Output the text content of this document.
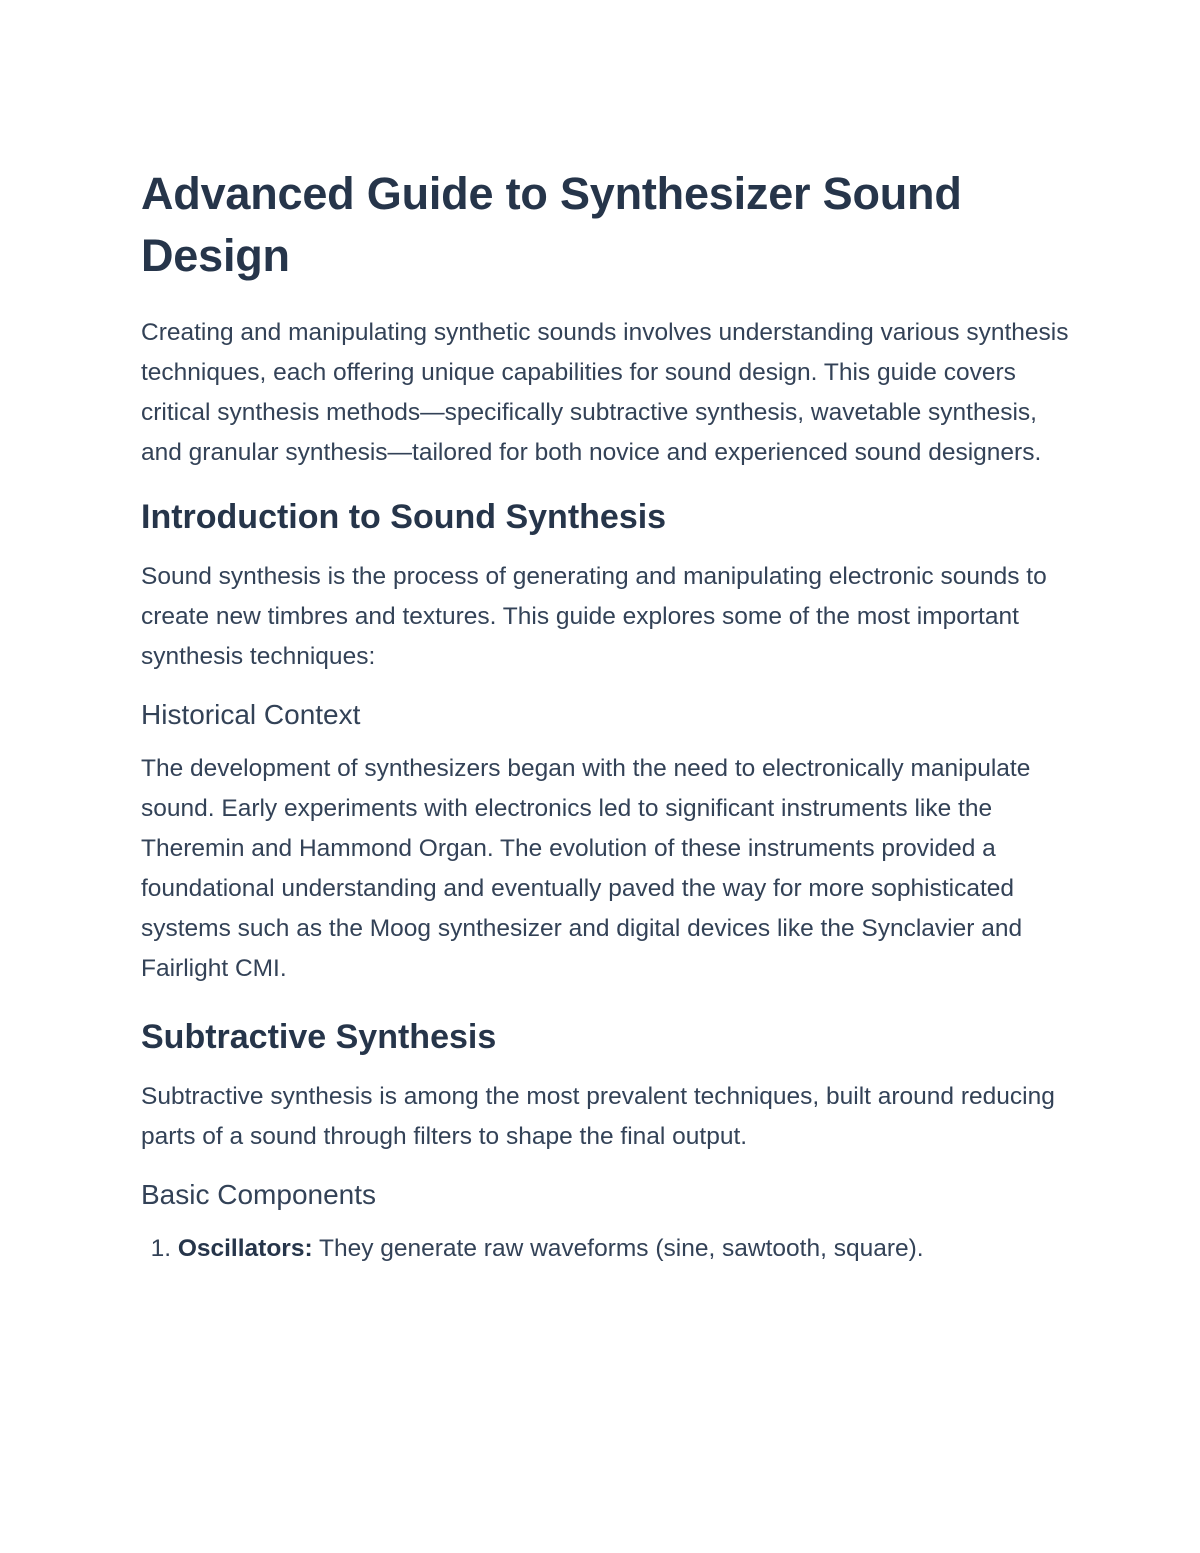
Advanced Guide to Synthesizer Sound Design

Creating and manipulating synthetic sounds involves understanding various synthesis techniques, each offering unique capabilities for sound design. This guide covers critical synthesis methods—specifically subtractive synthesis, wavetable synthesis, and granular synthesis—tailored for both novice and experienced sound designers.

Introduction to Sound Synthesis

Sound synthesis is the process of generating and manipulating electronic sounds to create new timbres and textures. This guide explores some of the most important synthesis techniques:

Historical Context

The development of synthesizers began with the need to electronically manipulate sound. Early experiments with electronics led to significant instruments like the Theremin and Hammond Organ. The evolution of these instruments provided a foundational understanding and eventually paved the way for more sophisticated systems such as the Moog synthesizer and digital devices like the Synclavier and Fairlight CMI.

Subtractive Synthesis

Subtractive synthesis is among the most prevalent techniques, built around reducing parts of a sound through filters to shape the final output.

Basic Components
1. Oscillators: They generate raw waveforms (sine, sawtooth, square).
